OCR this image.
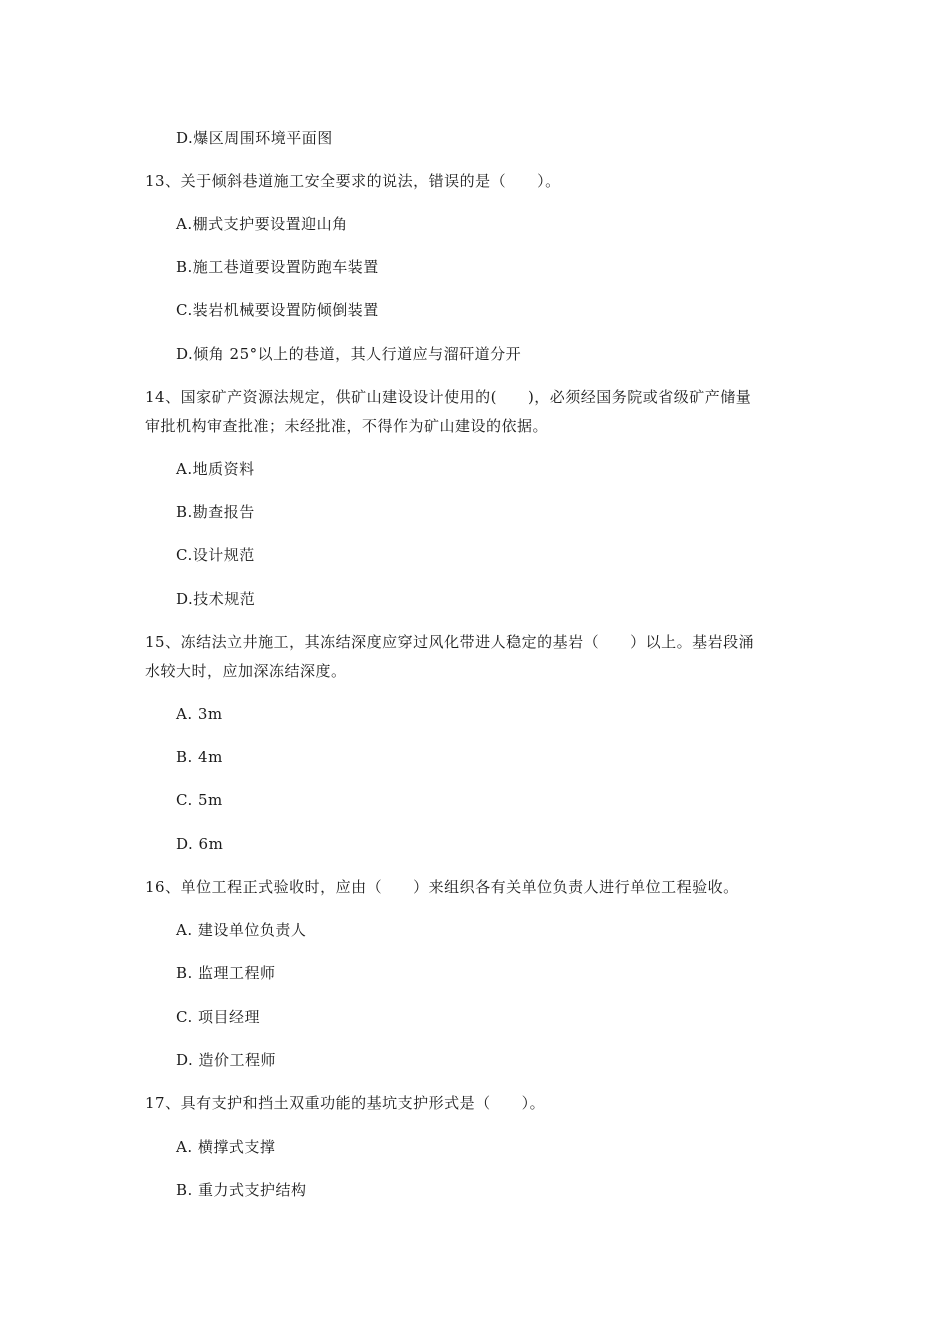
D.爆区周围环境平面图
13、关于倾斜巷道施工安全要求的说法，错误的是（　　）。
A.棚式支护要设置迎山角
B.施工巷道要设置防跑车装置
C.装岩机械要设置防倾倒装置
D.倾角 25°以上的巷道，其人行道应与溜矸道分开
14、国家矿产资源法规定，供矿山建设设计使用的(　　)，必须经国务院或省级矿产储量
审批机构审查批准；未经批准，不得作为矿山建设的依据。
A.地质资料
B.勘查报告
C.设计规范
D.技术规范
15、冻结法立井施工，其冻结深度应穿过风化带进人稳定的基岩（　　）以上。基岩段涌
水较大时，应加深冻结深度。
A. 3m
B. 4m
C. 5m
D. 6m
16、单位工程正式验收时，应由（　　）来组织各有关单位负责人进行单位工程验收。
A. 建设单位负责人
B. 监理工程师
C. 项目经理
D. 造价工程师
17、具有支护和挡土双重功能的基坑支护形式是（　　）。
A. 横撑式支撑
B. 重力式支护结构
